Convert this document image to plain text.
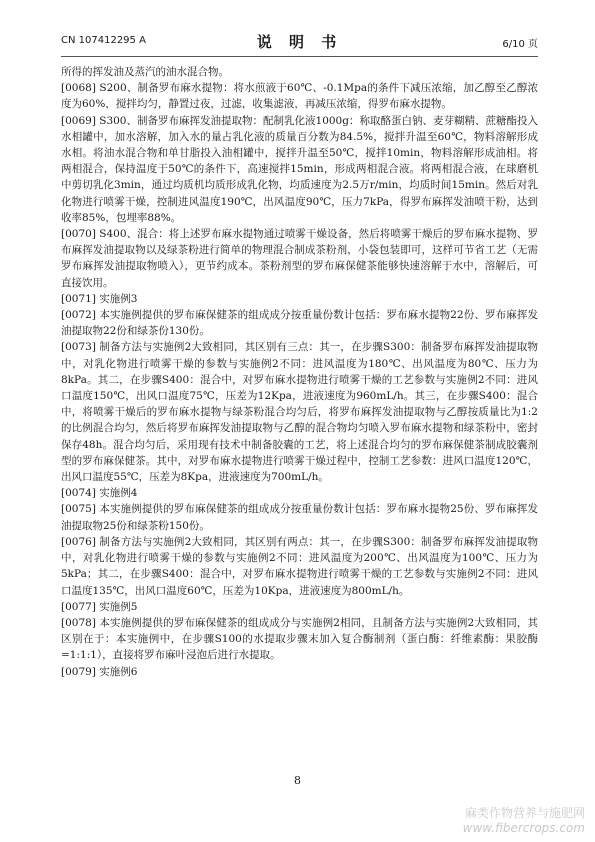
CN 107412295 A	说 明 书	6/10 页

所得的挥发油及蒸汽的油水混合物。

[0068] S200、制备罗布麻水提物：将水煎液于60℃、-0.1Mpa的条件下减压浓缩，加乙醇至乙醇浓度为60%，搅拌均匀，静置过夜，过滤，收集滤液，再减压浓缩，得罗布麻水提物。

[0069] S300、制备罗布麻挥发油提取物：配制乳化液1000g：称取酪蛋白钠、麦芽糊精、蔗糖酯投入水相罐中，加水溶解，加入水的量占乳化液的质量百分数为84.5%，搅拌升温至60℃，物料溶解形成水相。将油水混合物和单甘脂投入油相罐中，搅拌升温至50℃，搅拌10min，物料溶解形成油相。将两相混合，保持温度于50℃的条件下，高速搅拌15min，形成两相混合液。将两相混合液，在球磨机中剪切乳化3min，通过均质机均质形成乳化物，均质速度为2.5万r/min，均质时间15min。然后对乳化物进行喷雾干燥，控制进风温度190℃，出风温度90℃，压力7kPa，得罗布麻挥发油喷干粉，达到收率85%，包埋率88%。

[0070] S400、混合：将上述罗布麻水提物通过喷雾干燥设备，然后将喷雾干燥后的罗布麻水提物、罗布麻挥发油提取物以及绿茶粉进行简单的物理混合制成茶粉剂，小袋包装即可，这样可节省工艺（无需罗布麻挥发油提取物喷入），更节约成本。茶粉剂型的罗布麻保健茶能够快速溶解于水中，溶解后，可直接饮用。

[0071] 实施例3

[0072] 本实施例提供的罗布麻保健茶的组成成分按重量份数计包括：罗布麻水提物22份、罗布麻挥发油提取物22份和绿茶份130份。

[0073] 制备方法与实施例2大致相同，其区别有三点：其一，在步骤S300：制备罗布麻挥发油提取物中，对乳化物进行喷雾干燥的参数与实施例2不同：进风温度为180℃、出风温度为80℃、压力为8kPa。其二，在步骤S400：混合中，对罗布麻水提物进行喷雾干燥的工艺参数与实施例2不同：进风口温度150℃，出风口温度75℃，压差为12Kpa，进液速度为960mL/h。其三，在步骤S400：混合中，将喷雾干燥后的罗布麻水提物与绿茶粉混合均匀后，将罗布麻挥发油提取物与乙醇按质量比为1:2的比例混合均匀，然后将罗布麻挥发油提取物与乙醇的混合物均匀喷入罗布麻水提物和绿茶粉中，密封保存48h。混合均匀后，采用现有技术中制备胶囊的工艺，将上述混合均匀的罗布麻保健茶制成胶囊剂型的罗布麻保健茶。其中，对罗布麻水提物进行喷雾干燥过程中，控制工艺参数：进风口温度120℃，出风口温度55℃，压差为8Kpa，进液速度为700mL/h。

[0074] 实施例4

[0075] 本实施例提供的罗布麻保健茶的组成成分按重量份数计包括：罗布麻水提物25份、罗布麻挥发油提取物25份和绿茶粉150份。

[0076] 制备方法与实施例2大致相同，其区别有两点：其一，在步骤S300：制备罗布麻挥发油提取物中，对乳化物进行喷雾干燥的参数与实施例2不同：进风温度为200℃、出风温度为100℃、压力为5kPa；其二，在步骤S400：混合中，对罗布麻水提物进行喷雾干燥的工艺参数与实施例2不同：进风口温度135℃，出风口温度60℃，压差为10Kpa，进液速度为800mL/h。

[0077] 实施例5

[0078] 本实施例提供的罗布麻保健茶的组成成分与实施例2相同，且制备方法与实施例2大致相同，其区别在于：本实施例中，在步骤S100的水提取步骤末加入复合酶制剂（蛋白酶：纤维素酶：果胶酶=1:1:1），直接将罗布麻叶浸泡后进行水提取。

[0079] 实施例6

8
麻类作物营养与施肥网
www.fibercrops.com
